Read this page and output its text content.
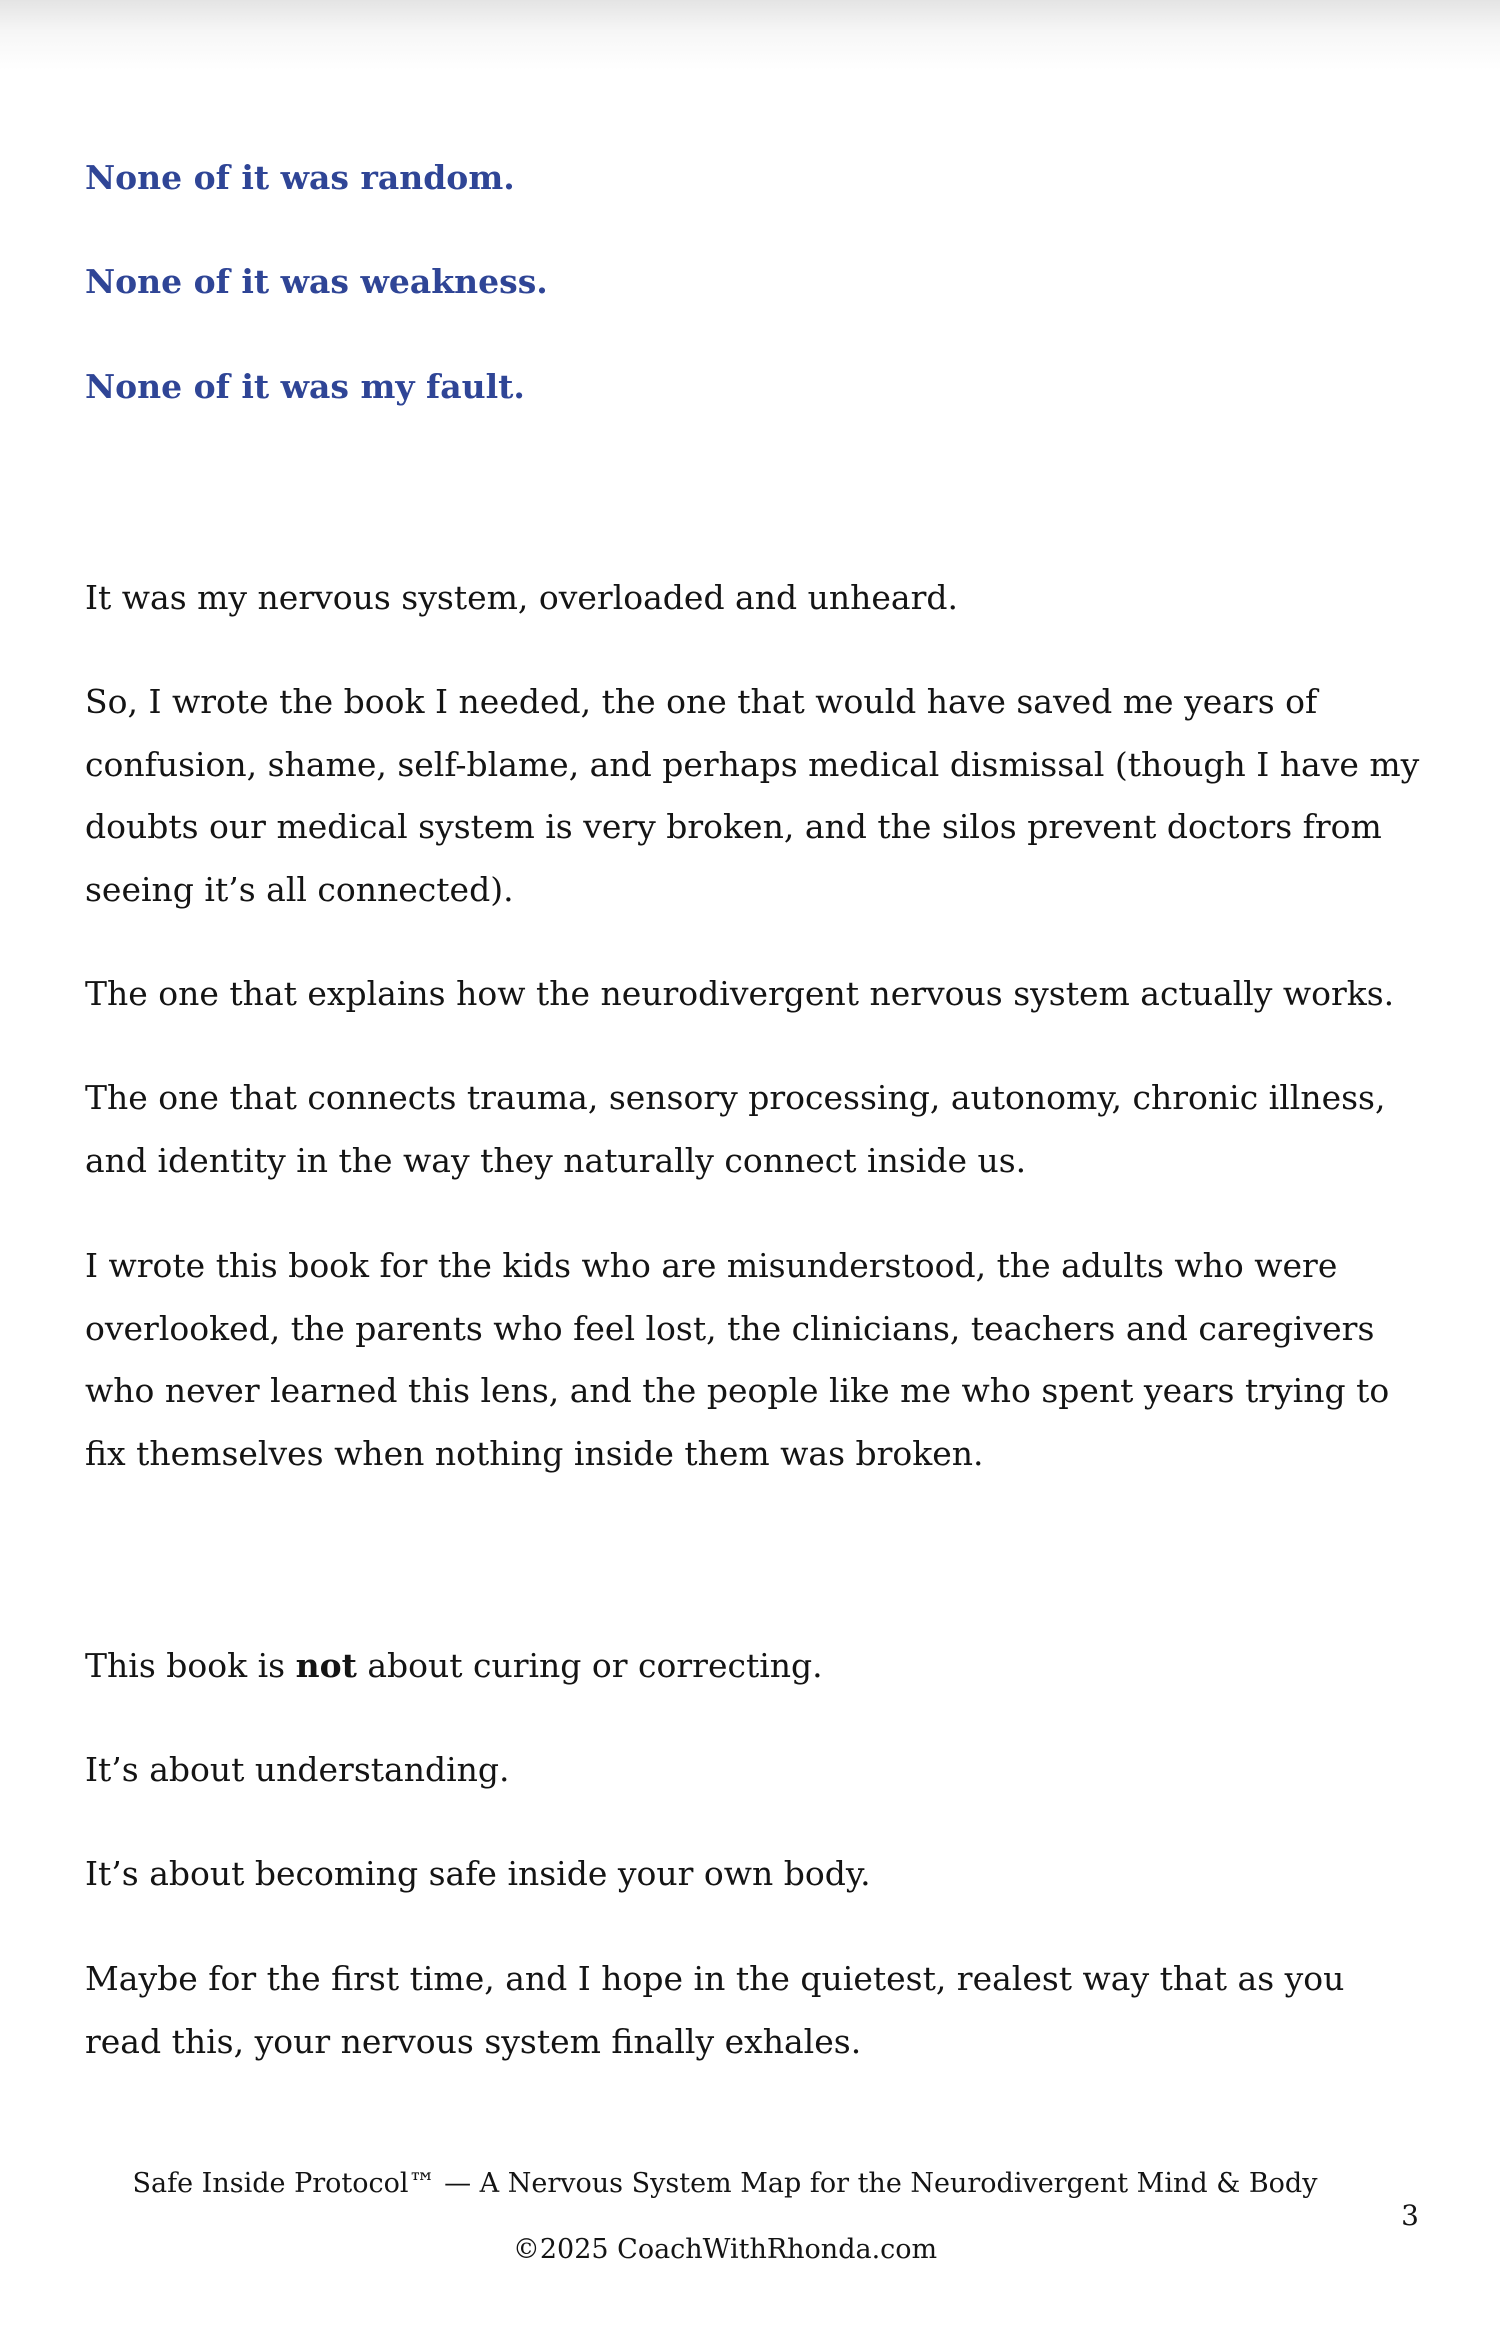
None of it was random.

None of it was weakness.

None of it was my fault.

It was my nervous system, overloaded and unheard.

So, I wrote the book I needed, the one that would have saved me years of confusion, shame, self-blame, and perhaps medical dismissal (though I have my doubts our medical system is very broken, and the silos prevent doctors from seeing it’s all connected).

The one that explains how the neurodivergent nervous system actually works.

The one that connects trauma, sensory processing, autonomy, chronic illness, and identity in the way they naturally connect inside us.

I wrote this book for the kids who are misunderstood, the adults who were overlooked, the parents who feel lost, the clinicians, teachers and caregivers who never learned this lens, and the people like me who spent years trying to fix themselves when nothing inside them was broken.

This book is not about curing or correcting.

It’s about understanding.

It’s about becoming safe inside your own body.

Maybe for the first time, and I hope in the quietest, realest way that as you read this, your nervous system finally exhales.

Safe Inside Protocol™ — A Nervous System Map for the Neurodivergent Mind & Body
©2025 CoachWithRhonda.com
3
